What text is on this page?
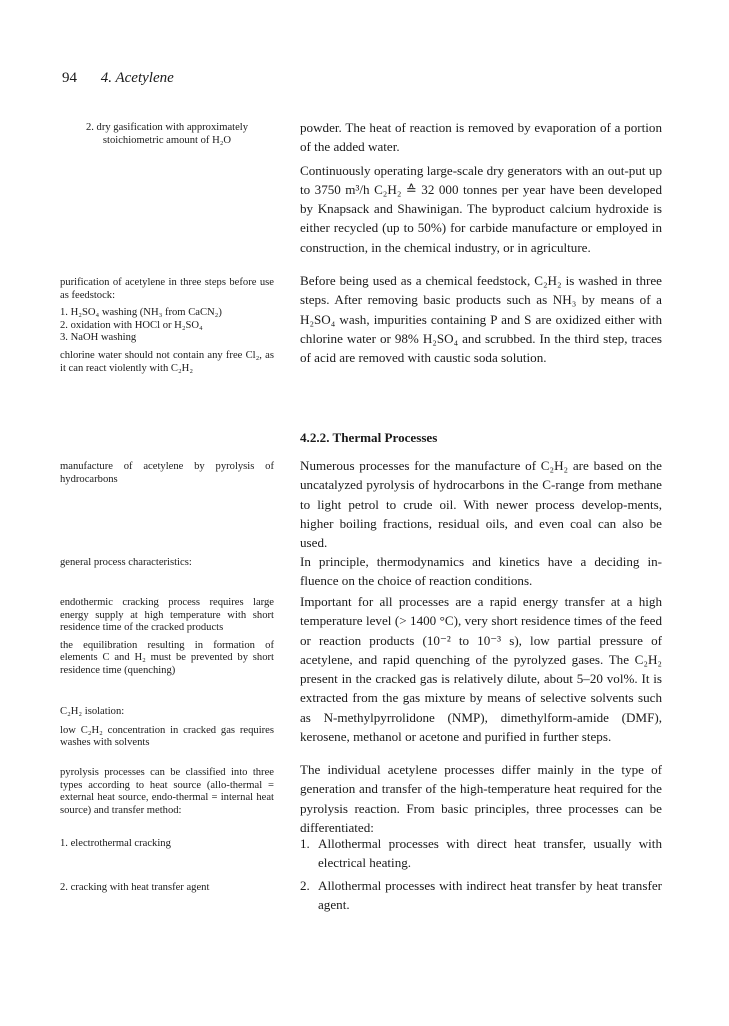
94 4. Acetylene

2. dry gasification with approximately stoichiometric amount of H₂O

purification of acetylene in three steps before use as feedstock:

1. H₂SO₄ washing (NH₃ from CaCN₂)
2. oxidation with HOCl or H₂SO₄
3. NaOH washing

chlorine water should not contain any free Cl₂, as it can react violently with C₂H₂

manufacture of acetylene by pyrolysis of hydrocarbons

general process characteristics:

endothermic cracking process requires large energy supply at high temperature with short residence time of the cracked products

the equilibration resulting in formation of elements C and H₂ must be prevented by short residence time (quenching)

C₂H₂ isolation:

low C₂H₂ concentration in cracked gas requires washes with solvents

pyrolysis processes can be classified into three types according to heat source (allo-thermal = external heat source, endo-thermal = internal heat source) and transfer method:

1. electrothermal cracking

2. cracking with heat transfer agent

powder. The heat of reaction is removed by evaporation of a portion of the added water.

Continuously operating large-scale dry generators with an out-put up to 3750 m³/h C₂H₂ ≙ 32 000 tonnes per year have been developed by Knapsack and Shawinigan. The byproduct calcium hydroxide is either recycled (up to 50%) for carbide manufacture or employed in construction, in the chemical industry, or in agriculture.

Before being used as a chemical feedstock, C₂H₂ is washed in three steps. After removing basic products such as NH₃ by means of a H₂SO₄ wash, impurities containing P and S are oxidized either with chlorine water or 98% H₂SO₄ and scrubbed. In the third step, traces of acid are removed with caustic soda solution.

4.2.2. Thermal Processes

Numerous processes for the manufacture of C₂H₂ are based on the uncatalyzed pyrolysis of hydrocarbons in the C-range from methane to light petrol to crude oil. With newer process develop-ments, higher boiling fractions, residual oils, and even coal can also be used.

In principle, thermodynamics and kinetics have a deciding in-fluence on the choice of reaction conditions.

Important for all processes are a rapid energy transfer at a high temperature level (> 1400 °C), very short residence times of the feed or reaction products (10⁻² to 10⁻³ s), low partial pressure of acetylene, and rapid quenching of the pyrolyzed gases. The C₂H₂ present in the cracked gas is relatively dilute, about 5–20 vol%. It is extracted from the gas mixture by means of selective solvents such as N-methylpyrrolidone (NMP), dimethylform-amide (DMF), kerosene, methanol or acetone and purified in further steps.

The individual acetylene processes differ mainly in the type of generation and transfer of the high-temperature heat required for the pyrolysis reaction. From basic principles, three processes can be differentiated:

1. Allothermal processes with direct heat transfer, usually with electrical heating.
2. Allothermal processes with indirect heat transfer by heat transfer agent.
